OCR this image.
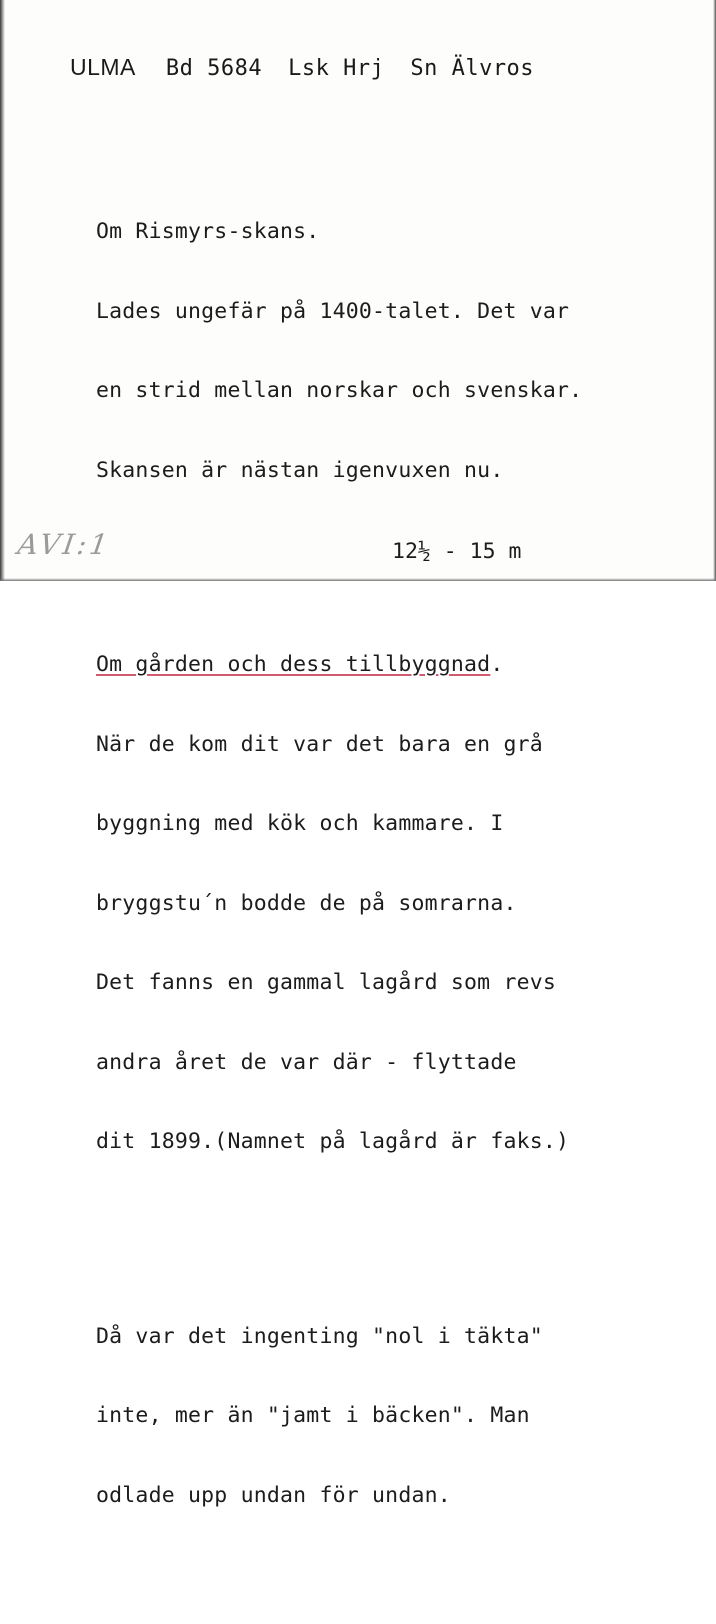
ULMA Bd 5684 Lsk Hrj Sn Älvros

Om Rismyrs-skans.

Lades ungefär på 1400-talet. Det var

en strid mellan norskar och svenskar.

Skansen är nästan igenvuxen nu.

Om gården och dess tillbyggnad.

När de kom dit var det bara en grå

byggning med kök och kammare. I

bryggstu´n bodde de på somrarna.

Det fanns en gammal lagård som revs

andra året de var där - flyttade

dit 1899.(Namnet på lagård är faks.)

Då var det ingenting "nol i täkta"

inte, mer än "jamt i bäcken". Man

odlade upp undan för undan.

AVI:1	12½ - 15 m
